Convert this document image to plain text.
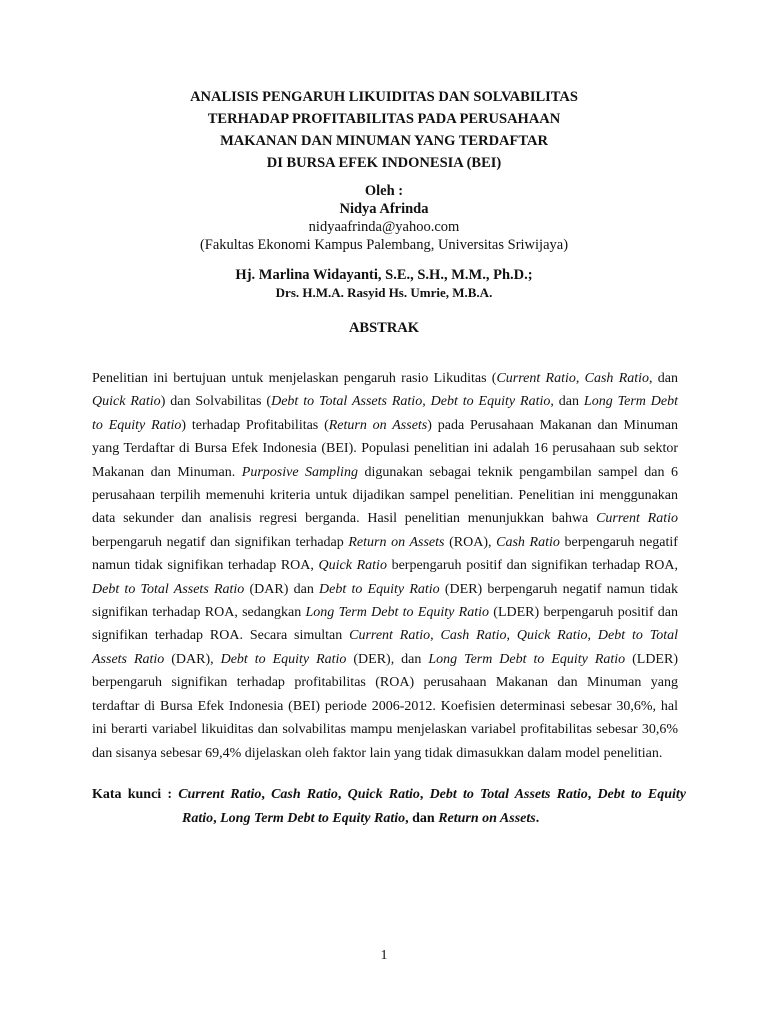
ANALISIS PENGARUH LIKUIDITAS DAN SOLVABILITAS
TERHADAP PROFITABILITAS PADA PERUSAHAAN
MAKANAN DAN MINUMAN YANG TERDAFTAR
DI BURSA EFEK INDONESIA (BEI)
Oleh :
Nidya Afrinda
nidyaafrinda@yahoo.com
(Fakultas Ekonomi Kampus Palembang, Universitas Sriwijaya)
Hj. Marlina Widayanti, S.E., S.H., M.M., Ph.D.;
Drs. H.M.A. Rasyid Hs. Umrie, M.B.A.
ABSTRAK
Penelitian ini bertujuan untuk menjelaskan pengaruh rasio Likuditas (Current Ratio, Cash Ratio, dan
Quick Ratio) dan Solvabilitas (Debt to Total Assets Ratio, Debt to Equity Ratio, dan Long Term Debt
to Equity Ratio) terhadap Profitabilitas (Return on Assets) pada Perusahaan Makanan dan Minuman
yang Terdaftar di Bursa Efek Indonesia (BEI). Populasi penelitian ini adalah 16 perusahaan sub sektor
Makanan dan Minuman. Purposive Sampling digunakan sebagai teknik pengambilan sampel dan 6
perusahaan terpilih memenuhi kriteria untuk dijadikan sampel penelitian. Penelitian ini menggunakan
data sekunder dan analisis regresi berganda. Hasil penelitian menunjukkan bahwa Current Ratio
berpengaruh negatif dan signifikan terhadap Return on Assets (ROA), Cash Ratio berpengaruh negatif
namun tidak signifikan terhadap ROA, Quick Ratio berpengaruh positif dan signifikan terhadap ROA,
Debt to Total Assets Ratio (DAR) dan Debt to Equity Ratio (DER) berpengaruh negatif namun tidak
signifikan terhadap ROA, sedangkan Long Term Debt to Equity Ratio (LDER) berpengaruh positif dan
signifikan terhadap ROA. Secara simultan Current Ratio, Cash Ratio, Quick Ratio, Debt to Total
Assets Ratio (DAR), Debt to Equity Ratio (DER), dan Long Term Debt to Equity Ratio (LDER)
berpengaruh signifikan terhadap profitabilitas (ROA) perusahaan Makanan dan Minuman yang
terdaftar di Bursa Efek Indonesia (BEI) periode 2006-2012. Koefisien determinasi sebesar 30,6%, hal
ini berarti variabel likuiditas dan solvabilitas mampu menjelaskan variabel profitabilitas sebesar 30,6%
dan sisanya sebesar 69,4% dijelaskan oleh faktor lain yang tidak dimasukkan dalam model penelitian.
Kata kunci : Current Ratio, Cash Ratio, Quick Ratio, Debt to Total Assets Ratio, Debt to Equity
Ratio, Long Term Debt to Equity Ratio, dan Return on Assets.
1
